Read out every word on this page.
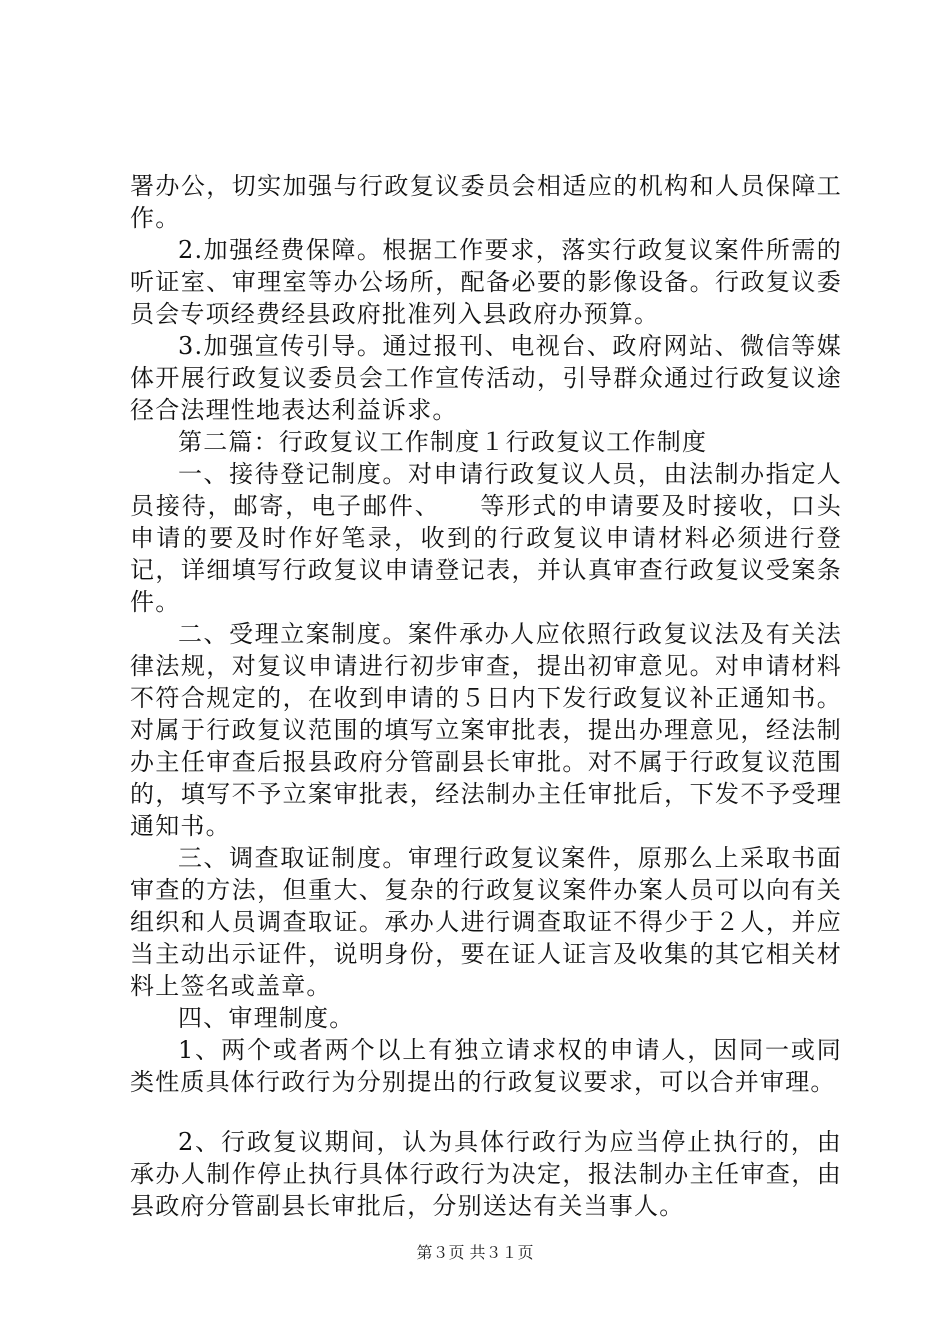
署办公，切实加强与行政复议委员会相适应的机构和人员保障工作。

2.加强经费保障。根据工作要求，落实行政复议案件所需的听证室、审理室等办公场所，配备必要的影像设备。行政复议委员会专项经费经县政府批准列入县政府办预算。

3.加强宣传引导。通过报刊、电视台、政府网站、微信等媒体开展行政复议委员会工作宣传活动，引导群众通过行政复议途径合法理性地表达利益诉求。

第二篇：行政复议工作制度１行政复议工作制度

一、接待登记制度。对申请行政复议人员，由法制办指定人员接待，邮寄，电子邮件、　　等形式的申请要及时接收，口头申请的要及时作好笔录，收到的行政复议申请材料必须进行登记，详细填写行政复议申请登记表，并认真审查行政复议受案条件。

二、受理立案制度。案件承办人应依照行政复议法及有关法律法规，对复议申请进行初步审查，提出初审意见。对申请材料不符合规定的，在收到申请的５日内下发行政复议补正通知书。对属于行政复议范围的填写立案审批表，提出办理意见，经法制办主任审查后报县政府分管副县长审批。对不属于行政复议范围的，填写不予立案审批表，经法制办主任审批后，下发不予受理通知书。

三、调查取证制度。审理行政复议案件，原那么上采取书面审查的方法，但重大、复杂的行政复议案件办案人员可以向有关组织和人员调查取证。承办人进行调查取证不得少于２人，并应当主动出示证件，说明身份，要在证人证言及收集的其它相关材料上签名或盖章。

四、审理制度。

1、两个或者两个以上有独立请求权的申请人，因同一或同类性质具体行政行为分别提出的行政复议要求，可以合并审理。

2、行政复议期间，认为具体行政行为应当停止执行的，由承办人制作停止执行具体行政行为决定，报法制办主任审查，由县政府分管副县长审批后，分别送达有关当事人。

第３页 共３１页
